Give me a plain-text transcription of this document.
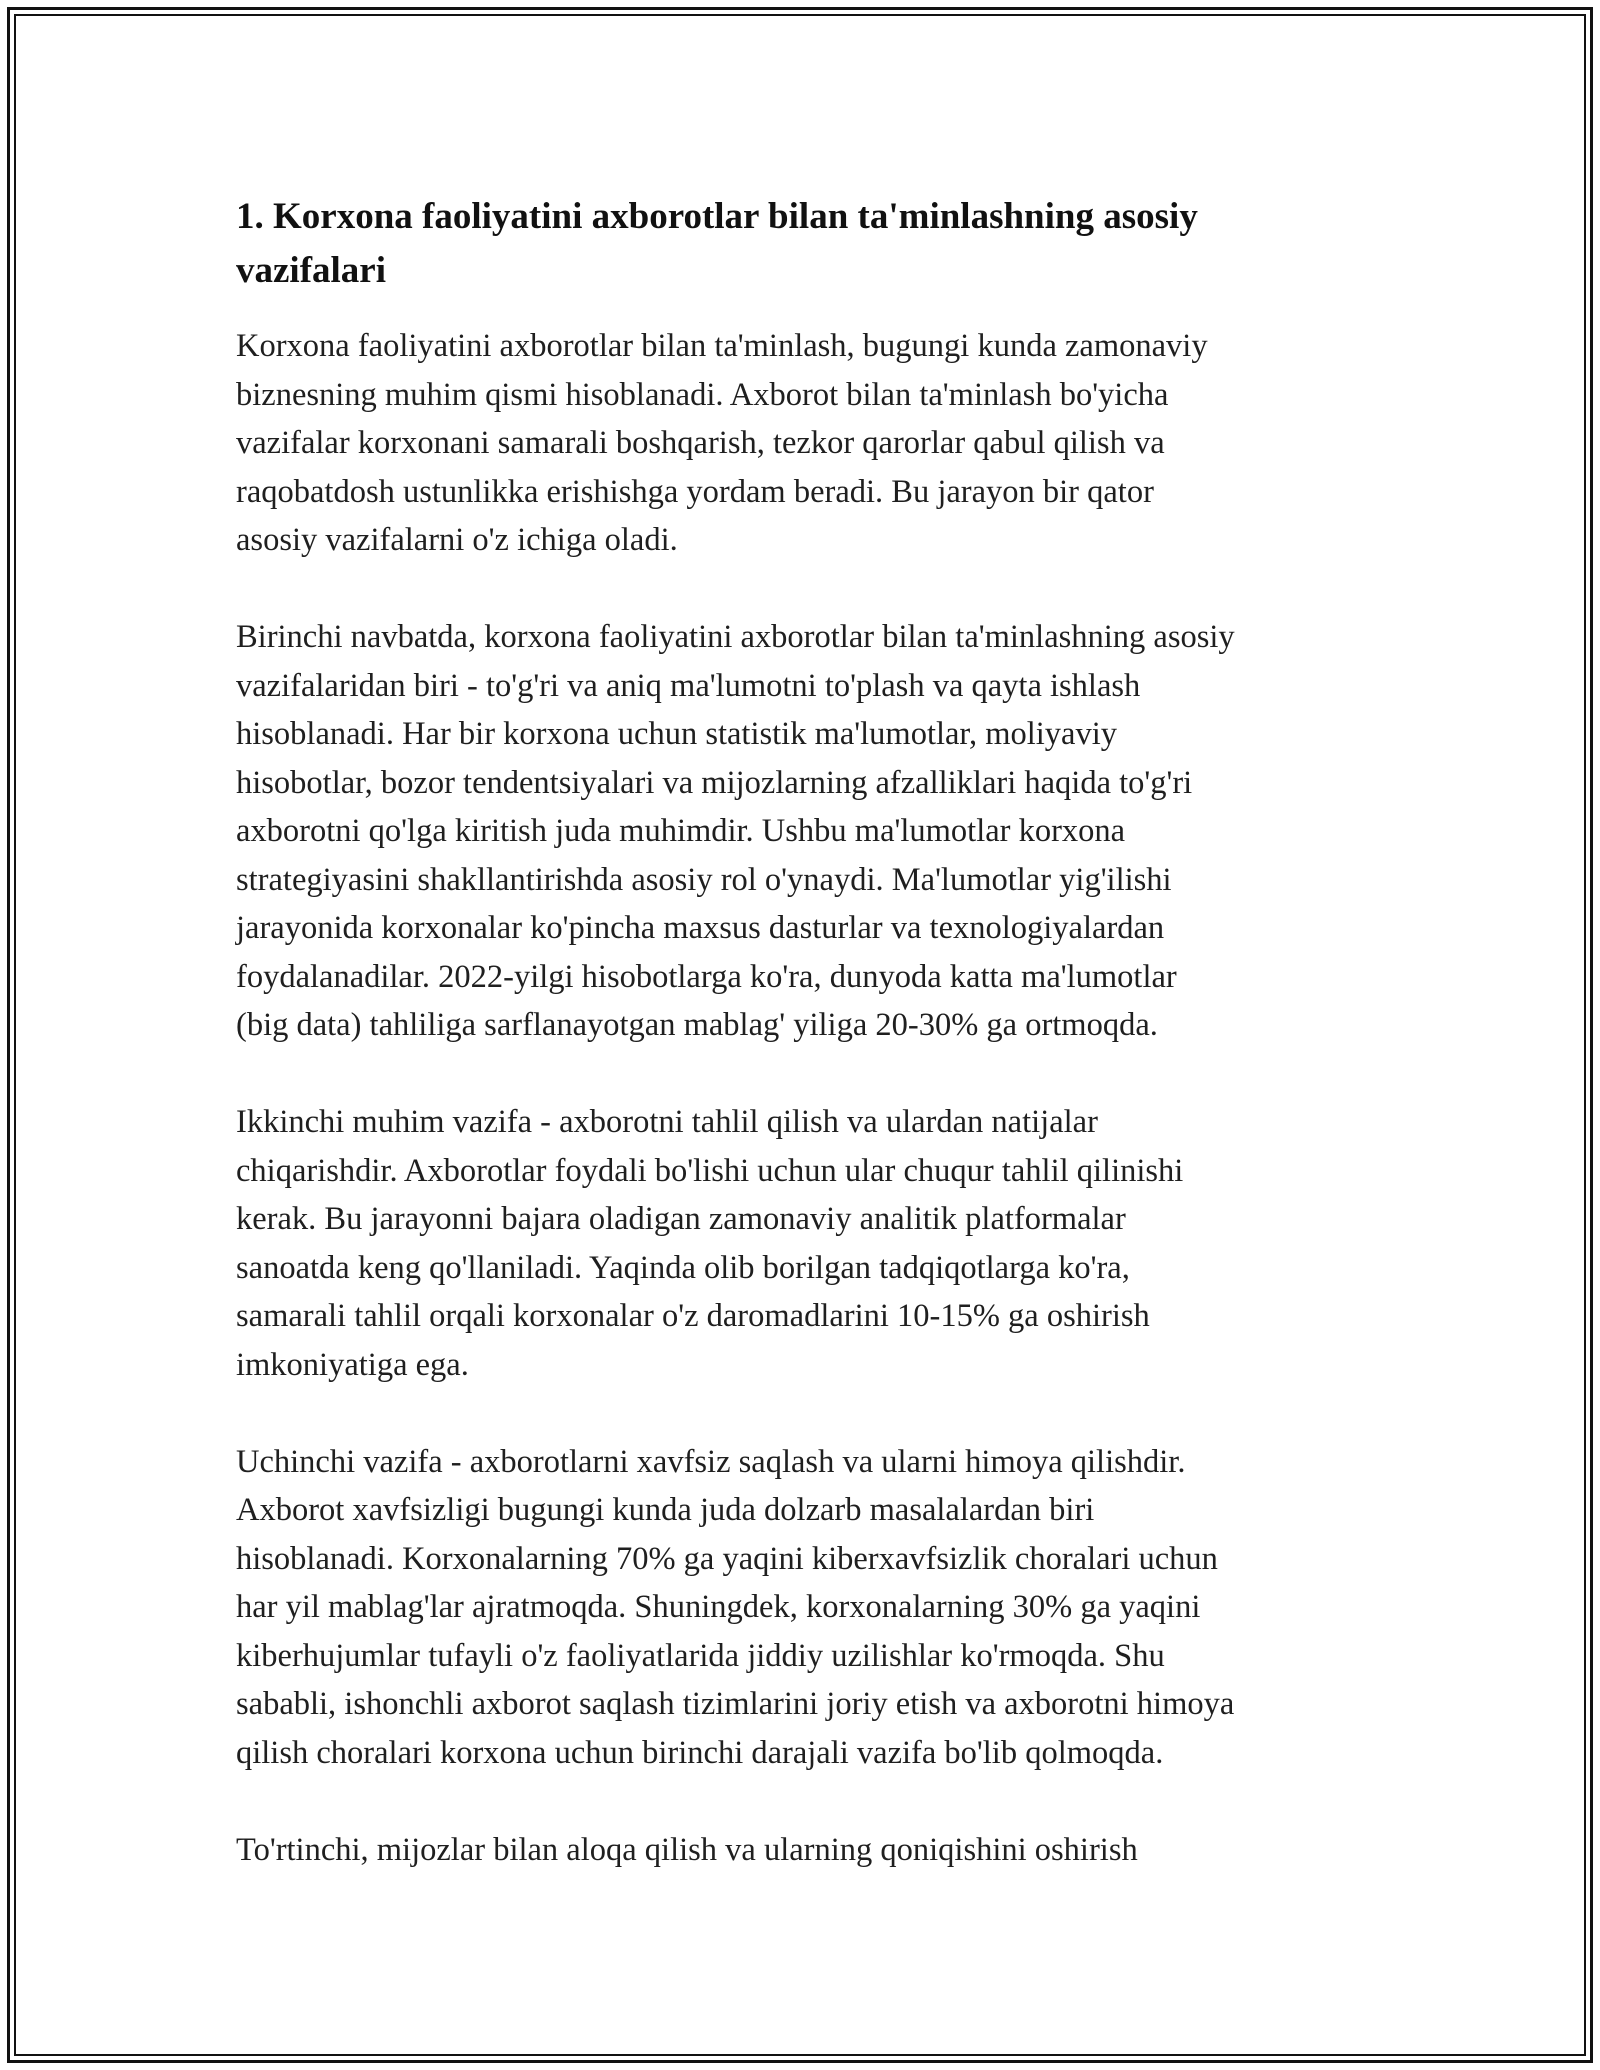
1. Korxona faoliyatini axborotlar bilan ta'minlashning asosiy
vazifalari

Korxona faoliyatini axborotlar bilan ta'minlash, bugungi kunda zamonaviy
biznesning muhim qismi hisoblanadi. Axborot bilan ta'minlash bo'yicha
vazifalar korxonani samarali boshqarish, tezkor qarorlar qabul qilish va
raqobatdosh ustunlikka erishishga yordam beradi. Bu jarayon bir qator
asosiy vazifalarni o'z ichiga oladi.

Birinchi navbatda, korxona faoliyatini axborotlar bilan ta'minlashning asosiy
vazifalaridan biri - to'g'ri va aniq ma'lumotni to'plash va qayta ishlash
hisoblanadi. Har bir korxona uchun statistik ma'lumotlar, moliyaviy
hisobotlar, bozor tendentsiyalari va mijozlarning afzalliklari haqida to'g'ri
axborotni qo'lga kiritish juda muhimdir. Ushbu ma'lumotlar korxona
strategiyasini shakllantirishda asosiy rol o'ynaydi. Ma'lumotlar yig'ilishi
jarayonida korxonalar ko'pincha maxsus dasturlar va texnologiyalardan
foydalanadilar. 2022-yilgi hisobotlarga ko'ra, dunyoda katta ma'lumotlar
(big data) tahliliga sarflanayotgan mablag' yiliga 20-30% ga ortmoqda.

Ikkinchi muhim vazifa - axborotni tahlil qilish va ulardan natijalar
chiqarishdir. Axborotlar foydali bo'lishi uchun ular chuqur tahlil qilinishi
kerak. Bu jarayonni bajara oladigan zamonaviy analitik platformalar
sanoatda keng qo'llaniladi. Yaqinda olib borilgan tadqiqotlarga ko'ra,
samarali tahlil orqali korxonalar o'z daromadlarini 10-15% ga oshirish
imkoniyatiga ega.

Uchinchi vazifa - axborotlarni xavfsiz saqlash va ularni himoya qilishdir.
Axborot xavfsizligi bugungi kunda juda dolzarb masalalardan biri
hisoblanadi. Korxonalarning 70% ga yaqini kiberxavfsizlik choralari uchun
har yil mablag'lar ajratmoqda. Shuningdek, korxonalarning 30% ga yaqini
kiberhujumlar tufayli o'z faoliyatlarida jiddiy uzilishlar ko'rmoqda. Shu
sababli, ishonchli axborot saqlash tizimlarini joriy etish va axborotni himoya
qilish choralari korxona uchun birinchi darajali vazifa bo'lib qolmoqda.

To'rtinchi, mijozlar bilan aloqa qilish va ularning qoniqishini oshirish
